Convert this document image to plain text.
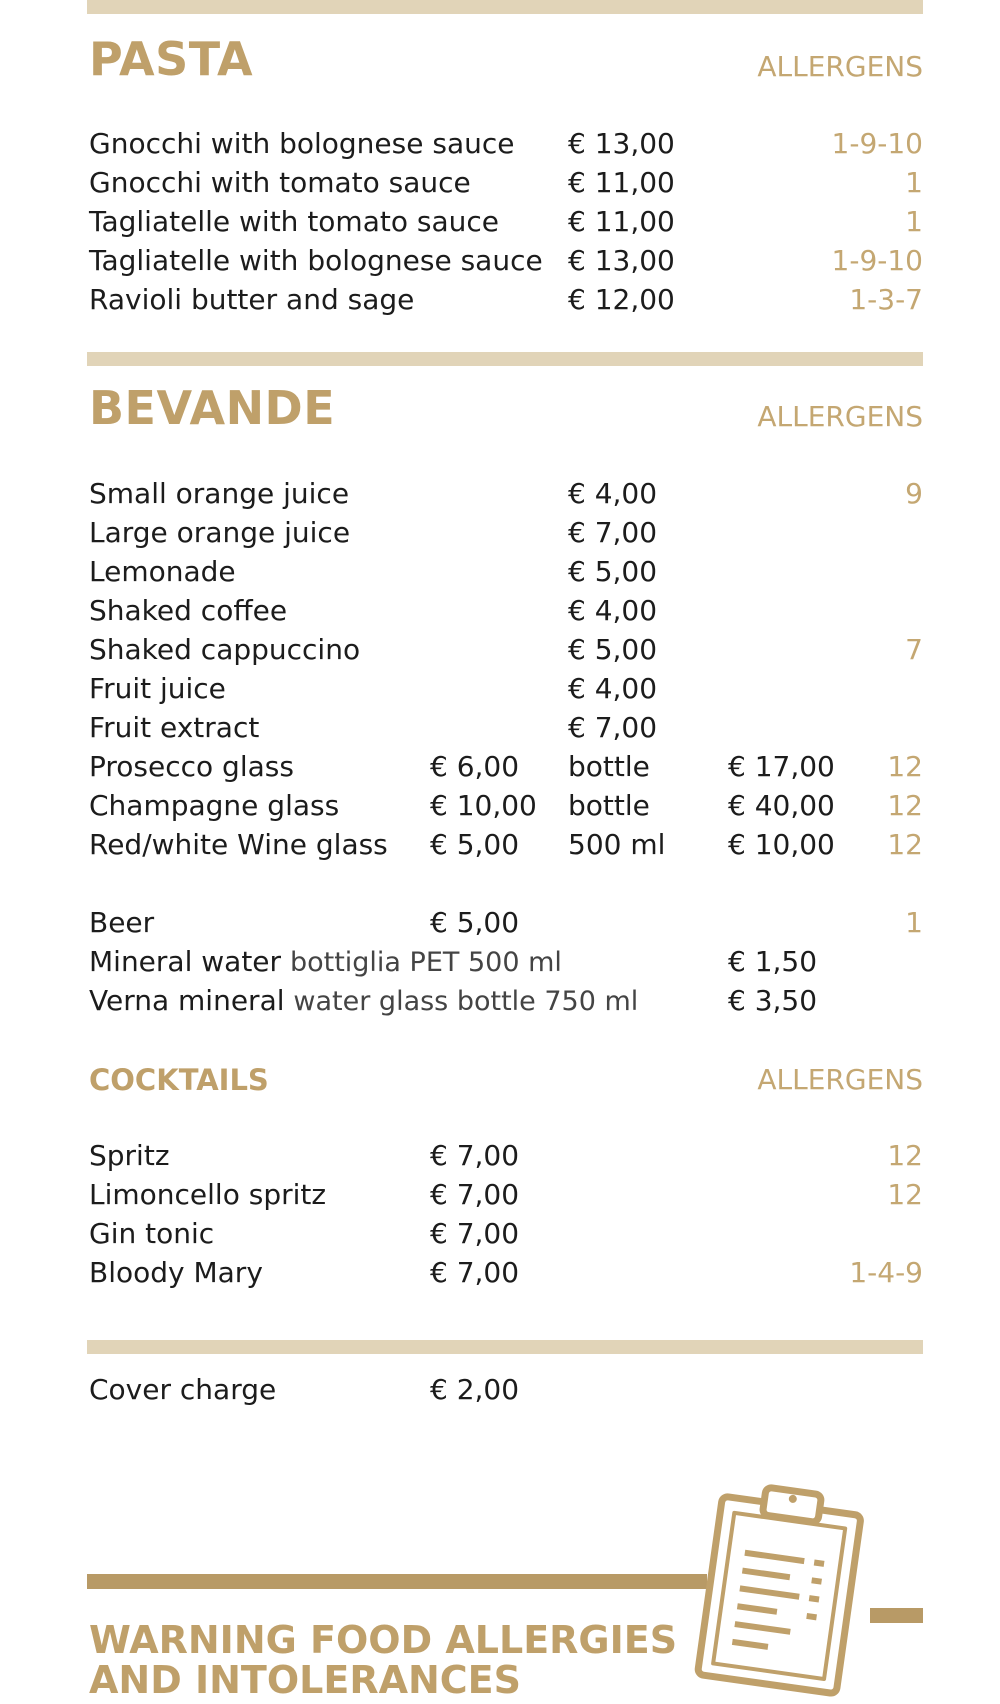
PASTA	ALLERGENS
Gnocchi with bolognese sauce € 13,00	1-9-10
Gnocchi with tomato sauce	€ 11,00	1
Tagliatelle with tomato sauce € 11,00	1
Tagliatelle with bolognese sauce € 13,00	1-9-10
Ravioli butter and sage	€ 12,00	1-3-7
BEVANDE	ALLERGENS
Small orange juice	€ 4,00	9
Large orange juice	€ 7,00
Lemonade	€ 5,00
Shaked coffee	€ 4,00
Shaked cappuccino	€ 5,00	7
Fruit juice	€ 4,00
Fruit extract	€ 7,00
Prosecco glass	€ 6,00 bottle	€ 17,00 12
Champagne glass	€ 10,00 bottle	€ 40,00 12
Red/white Wine glass € 5,00 500 ml € 10,00 12
Beer	€ 5,00	1
Mineral water bottiglia PET 500 ml	€ 1,50
Verna mineral water glass bottle 750 ml	€ 3,50
COCKTAILS	ALLERGENS
Spritz	€ 7,00	12
Limoncello spritz	€ 7,00	12
Gin tonic	€ 7,00
Bloody Mary	€ 7,00	1-4-9
Cover charge	€ 2,00
WARNING FOOD ALLERGIES
AND INTOLERANCES
